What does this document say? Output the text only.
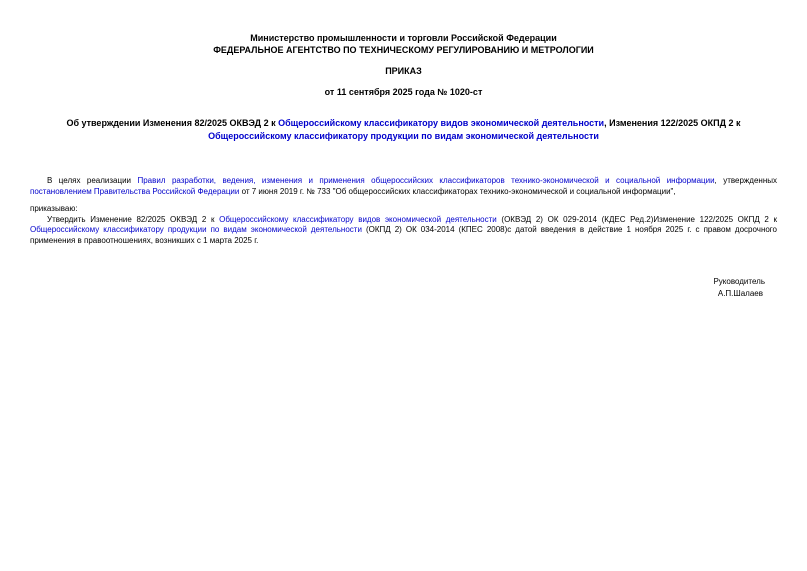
Министерство промышленности и торговли Российской Федерации
ФЕДЕРАЛЬНОЕ АГЕНТСТВО ПО ТЕХНИЧЕСКОМУ РЕГУЛИРОВАНИЮ И МЕТРОЛОГИИ
ПРИКАЗ
от 11 сентября 2025 года № 1020-ст
Об утверждении Изменения 82/2025 ОКВЭД 2 к Общероссийскому классификатору видов экономической деятельности, Изменения 122/2025 ОКПД 2 к Общероссийскому классификатору продукции по видам экономической деятельности
В целях реализации Правил разработки, ведения, изменения и применения общероссийских классификаторов технико-экономической и социальной информации, утвержденных постановлением Правительства Российской Федерации от 7 июня 2019 г. № 733 "Об общероссийских классификаторах технико-экономической и социальной информации",
приказываю:
Утвердить Изменение 82/2025 ОКВЭД 2 к Общероссийскому классификатору видов экономической деятельности (ОКВЭД 2) ОК 029-2014 (КДЕС Ред.2)Изменение 122/2025 ОКПД 2 к Общероссийскому классификатору продукции по видам экономической деятельности (ОКПД 2) ОК 034-2014 (КПЕС 2008)с датой введения в действие 1 ноября 2025 г. с правом досрочного применения в правоотношениях, возникших с 1 марта 2025 г.
Руководитель
А.П.Шалаев
